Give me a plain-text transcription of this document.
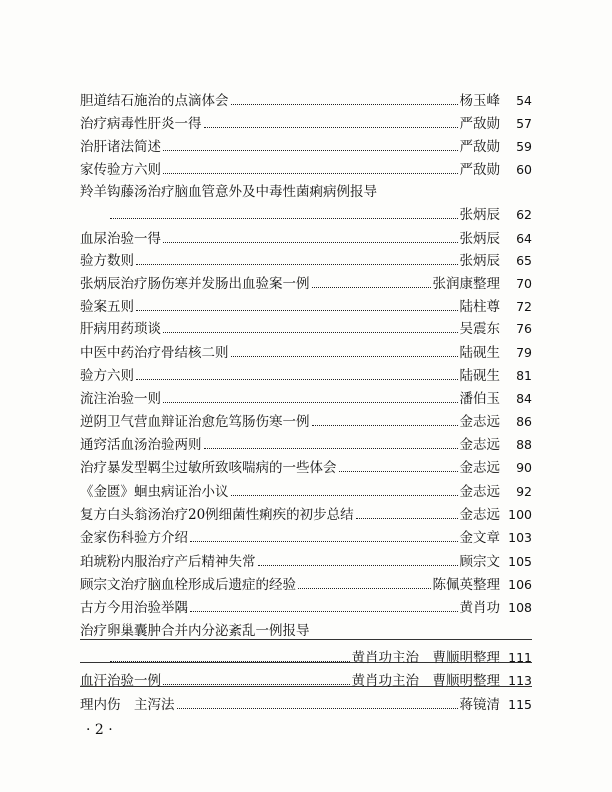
胆道结石施治的点滴体会	杨玉峰	54
治疗病毒性肝炎一得	严敌勋	57
治肝诸法简述	严敌勋	59
家传验方六则	严敌勋	60
羚羊钩藤汤治疗脑血管意外及中毒性菌痢病例报导
张炳辰	62
血尿治验一得	张炳辰	64
验方数则	张炳辰	65
张炳辰治疗肠伤寒并发肠出血验案一例	张润康整理	70
验案五则	陆柱尊	72
肝病用药琐谈	吴震东	76
中医中药治疗骨结核二则	陆砚生	79
验方六则	陆砚生	81
流注治验一则	潘伯玉	84
逆阴卫气营血辩证治愈危笃肠伤寒一例	金志远	86
通窍活血汤治验两则	金志远	88
治疗暴发型羁尘过敏所致咳喘病的一些体会	金志远	90
《金匮》蛔虫病证治小议	金志远	92
复方白头翁汤治疗20例细菌性痢疾的初步总结	金志远 100
金家伤科验方介绍	金文章 103
珀琥粉内服治疗产后精神失常	顾宗文 105
顾宗文治疗脑血栓形成后遗症的经验	陈佩英整理 106
古方今用治验举隅	黄肖功 108
治疗卵巢囊肿合并内分泌紊乱一例报导
黄肖功主治　曹顺明整理 111
血汗治验一例	黄肖功主治　曹顺明整理 113
理内伤　主泻法	蒋镜清 115
· 2 ·
